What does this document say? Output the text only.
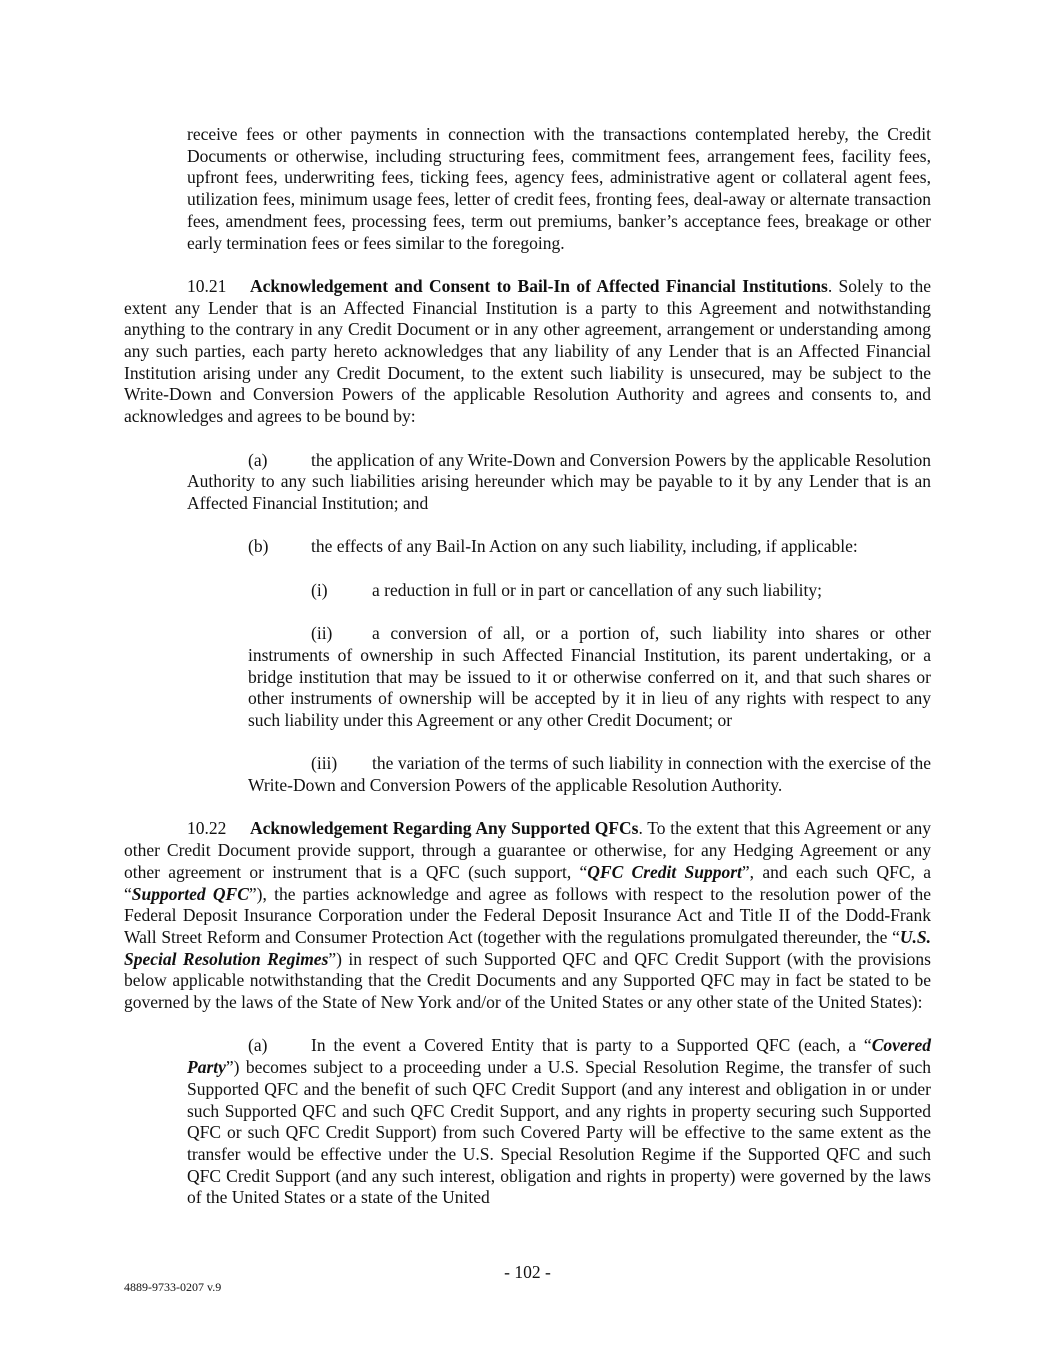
receive fees or other payments in connection with the transactions contemplated hereby, the Credit Documents or otherwise, including structuring fees, commitment fees, arrangement fees, facility fees, upfront fees, underwriting fees, ticking fees, agency fees, administrative agent or collateral agent fees, utilization fees, minimum usage fees, letter of credit fees, fronting fees, deal-away or alternate transaction fees, amendment fees, processing fees, term out premiums, banker’s acceptance fees, breakage or other early termination fees or fees similar to the foregoing.

10.21 Acknowledgement and Consent to Bail-In of Affected Financial Institutions. Solely to the extent any Lender that is an Affected Financial Institution is a party to this Agreement and notwithstanding anything to the contrary in any Credit Document or in any other agreement, arrangement or understanding among any such parties, each party hereto acknowledges that any liability of any Lender that is an Affected Financial Institution arising under any Credit Document, to the extent such liability is unsecured, may be subject to the Write-Down and Conversion Powers of the applicable Resolution Authority and agrees and consents to, and acknowledges and agrees to be bound by:

(a) the application of any Write-Down and Conversion Powers by the applicable Resolution Authority to any such liabilities arising hereunder which may be payable to it by any Lender that is an Affected Financial Institution; and

(b) the effects of any Bail-In Action on any such liability, including, if applicable:

(i)	a reduction in full or in part or cancellation of any such liability;

(ii) a conversion of all, or a portion of, such liability into shares or other instruments of ownership in such Affected Financial Institution, its parent undertaking, or a bridge institution that may be issued to it or otherwise conferred on it, and that such shares or other instruments of ownership will be accepted by it in lieu of any rights with respect to any such liability under this Agreement or any other Credit Document; or

(iii) the variation of the terms of such liability in connection with the exercise of the Write-Down and Conversion Powers of the applicable Resolution Authority.

10.22 Acknowledgement Regarding Any Supported QFCs. To the extent that this Agreement or any other Credit Document provide support, through a guarantee or otherwise, for any Hedging Agreement or any other agreement or instrument that is a QFC (such support, “QFC Credit Support”, and each such QFC, a “Supported QFC”), the parties acknowledge and agree as follows with respect to the resolution power of the Federal Deposit Insurance Corporation under the Federal Deposit Insurance Act and Title II of the Dodd-Frank Wall Street Reform and Consumer Protection Act (together with the regulations promulgated thereunder, the “U.S. Special Resolution Regimes”) in respect of such Supported QFC and QFC Credit Support (with the provisions below applicable notwithstanding that the Credit Documents and any Supported QFC may in fact be stated to be governed by the laws of the State of New York and/or of the United States or any other state of the United States):

(a) In the event a Covered Entity that is party to a Supported QFC (each, a “Covered Party”) becomes subject to a proceeding under a U.S. Special Resolution Regime, the transfer of such Supported QFC and the benefit of such QFC Credit Support (and any interest and obligation in or under such Supported QFC and such QFC Credit Support, and any rights in property securing such Supported QFC or such QFC Credit Support) from such Covered Party will be effective to the same extent as the transfer would be effective under the U.S. Special Resolution Regime if the Supported QFC and such QFC Credit Support (and any such interest, obligation and rights in property) were governed by the laws of the United States or a state of the United

- 102 -
4889-9733-0207 v.9
